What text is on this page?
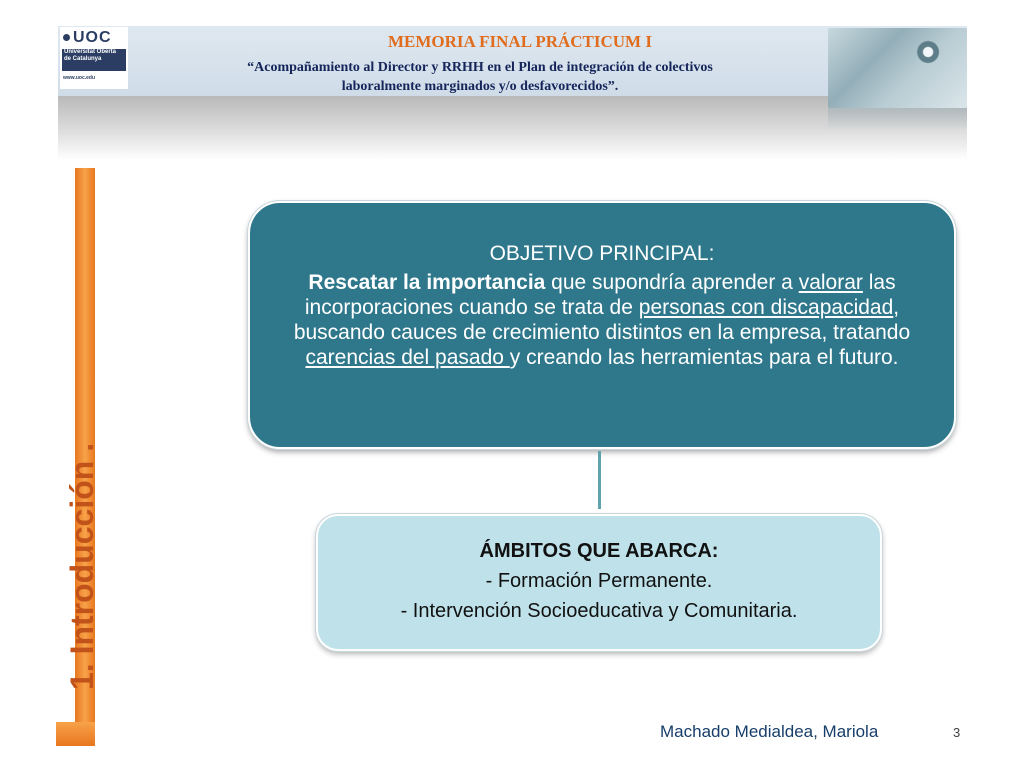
UOC
Universitat Oberta
de Catalunya
www.uoc.edu
MEMORIA FINAL PRÁCTICUM I
“Acompañamiento al Director y RRHH en el Plan de integración de colectivos
laboralmente marginados y/o desfavorecidos”.
1. Introducción .
OBJETIVO PRINCIPAL:
Rescatar la importancia que supondría aprender a valorar las incorporaciones cuando se trata de personas con discapacidad, buscando cauces de crecimiento distintos en la empresa, tratando carencias del pasado y creando las herramientas para el futuro.
ÁMBITOS QUE ABARCA:
- Formación Permanente.
- Intervención Socioeducativa y Comunitaria.
Machado Medialdea, Mariola	3
